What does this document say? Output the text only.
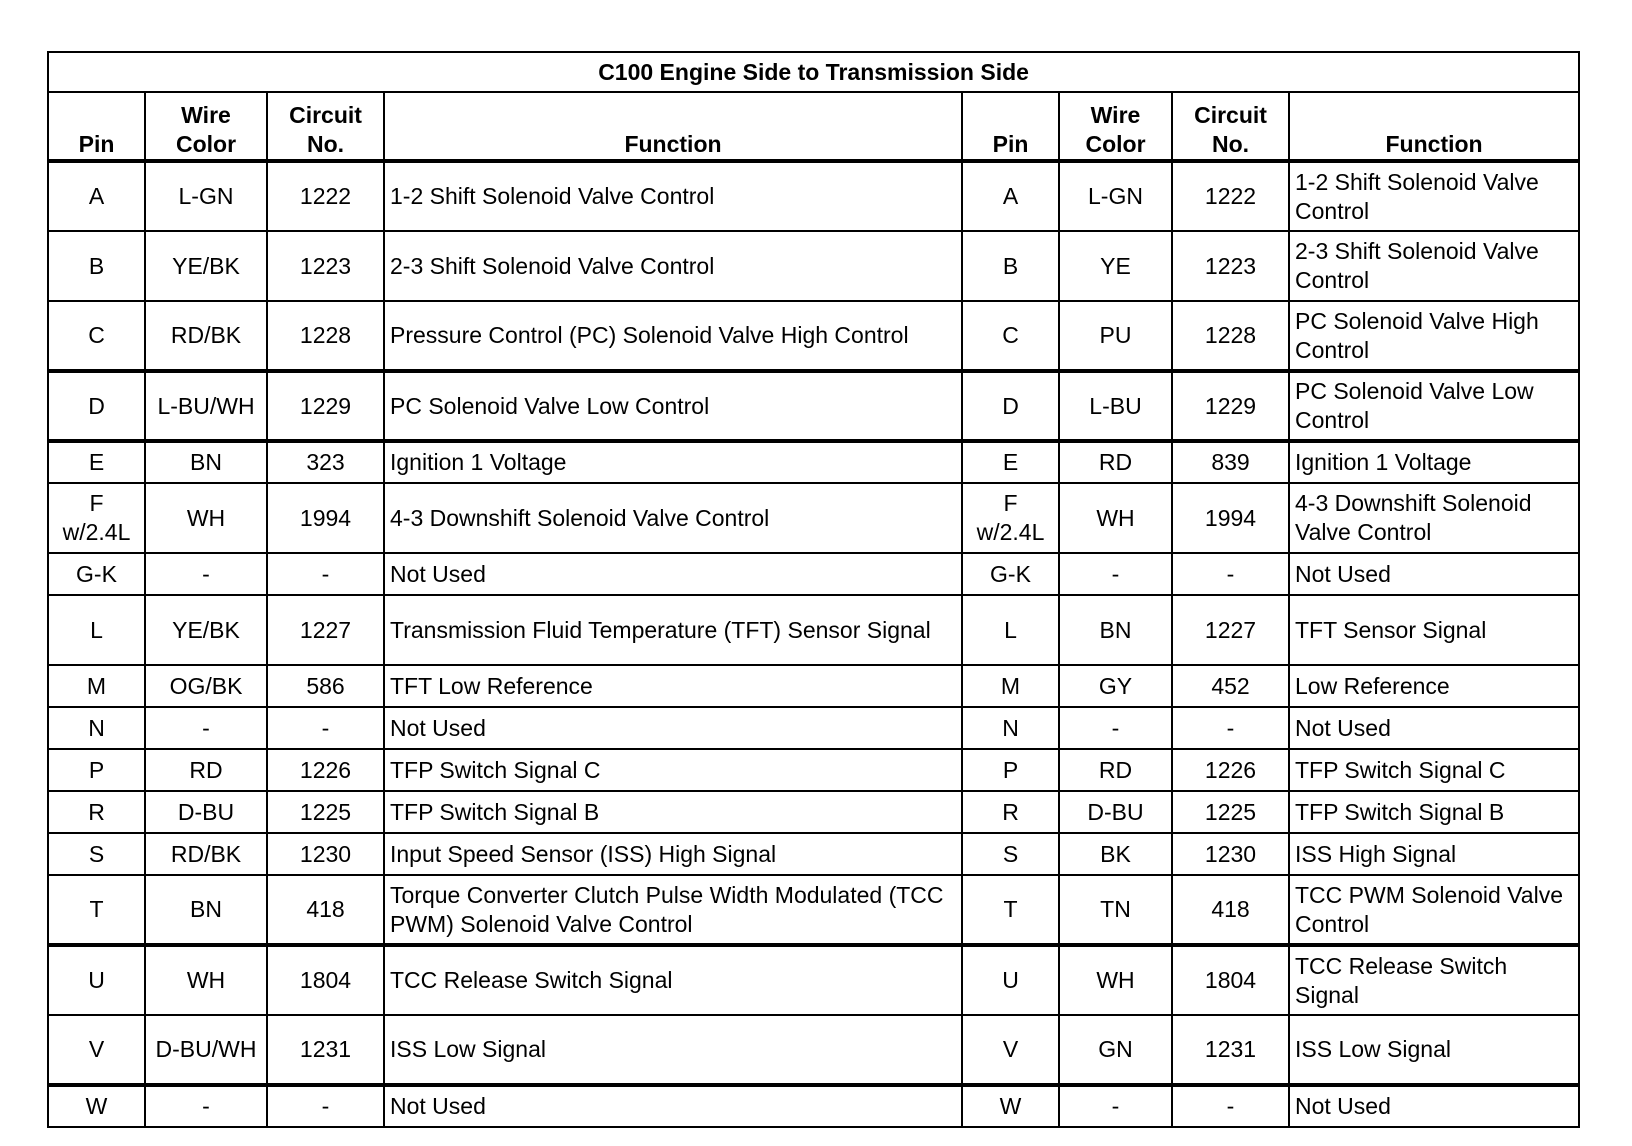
C100 Engine Side to Transmission Side							
Pin	Wire Color	Circuit No.	Function	Pin	Wire Color	Circuit No.	Function
A	L-GN	1222	1-2 Shift Solenoid Valve Control	A	L-GN	1222	1-2 Shift Solenoid Valve Control
B	YE/BK	1223	2-3 Shift Solenoid Valve Control	B	YE	1223	2-3 Shift Solenoid Valve Control
C	RD/BK	1228	Pressure Control (PC) Solenoid Valve High Control	C	PU	1228	PC Solenoid Valve High Control
D	L-BU/WH	1229	PC Solenoid Valve Low Control	D	L-BU	1229	PC Solenoid Valve Low Control
E	BN	323	Ignition 1 Voltage	E	RD	839	Ignition 1 Voltage
F w/2.4L	WH	1994	4-3 Downshift Solenoid Valve Control	F w/2.4L	WH	1994	4-3 Downshift Solenoid Valve Control
G-K	-	-	Not Used	G-K	-	-	Not Used
L	YE/BK	1227	Transmission Fluid Temperature (TFT) Sensor Signal	L	BN	1227	TFT Sensor Signal
M	OG/BK	586	TFT Low Reference	M	GY	452	Low Reference
N	-	-	Not Used	N	-	-	Not Used
P	RD	1226	TFP Switch Signal C	P	RD	1226	TFP Switch Signal C
R	D-BU	1225	TFP Switch Signal B	R	D-BU	1225	TFP Switch Signal B
S	RD/BK	1230	Input Speed Sensor (ISS) High Signal	S	BK	1230	ISS High Signal
T	BN	418	Torque Converter Clutch Pulse Width Modulated (TCC PWM) Solenoid Valve Control	T	TN	418	TCC PWM Solenoid Valve Control
U	WH	1804	TCC Release Switch Signal	U	WH	1804	TCC Release Switch Signal
V	D-BU/WH	1231	ISS Low Signal	V	GN	1231	ISS Low Signal
W	-	-	Not Used	W	-	-	Not Used
